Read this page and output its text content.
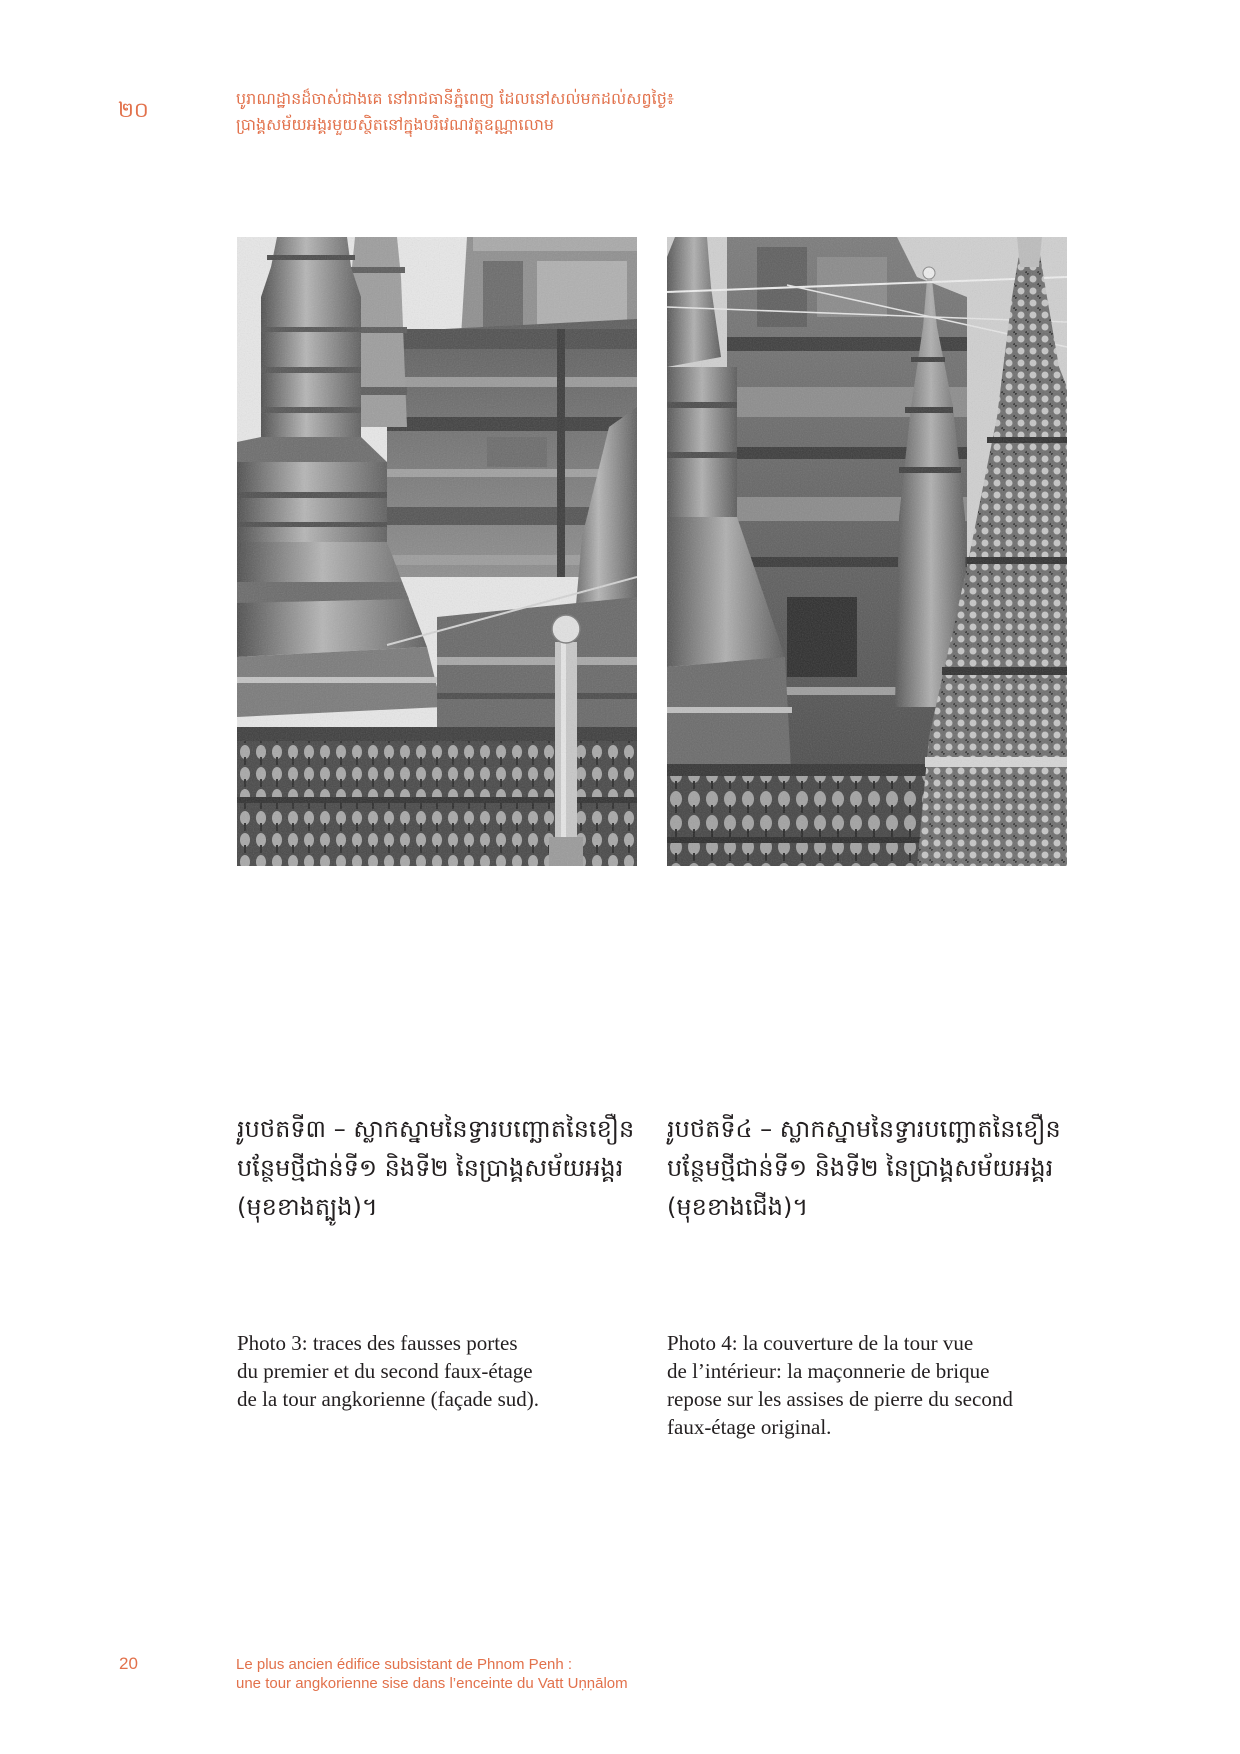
២០	បូរាណដ្ឋានដ៏ចាស់ជាងគេ នៅរាជធានីភ្នំពេញ ដែលនៅសល់មកដល់សព្វថ្ងៃ៖
ប្រាង្គសម័យអង្គរមួយស្ថិតនៅក្នុងបរិវេណវត្តឧណ្ណាលោម
រូបថតទី៣ – ស្លាកស្នាមនៃទ្វារបញ្ឆោតនៃខឿន
បន្ថែមថ្មីជាន់ទី១ និងទី២ នៃប្រាង្គសម័យអង្គរ
(មុខខាងត្បូង)។
រូបថតទី៤ – ស្លាកស្នាមនៃទ្វារបញ្ឆោតនៃខឿន
បន្ថែមថ្មីជាន់ទី១ និងទី២ នៃប្រាង្គសម័យអង្គរ
(មុខខាងជើង)។
Photo 3: traces des fausses portes
du premier et du second faux-étage
de la tour angkorienne (façade sud).
Photo 4: la couverture de la tour vue
de l’intérieur: la maçonnerie de brique
repose sur les assises de pierre du second
faux-étage original.
20	Le plus ancien édifice subsistant de Phnom Penh :
une tour angkorienne sise dans l’enceinte du Vatt Uṇṇālom
